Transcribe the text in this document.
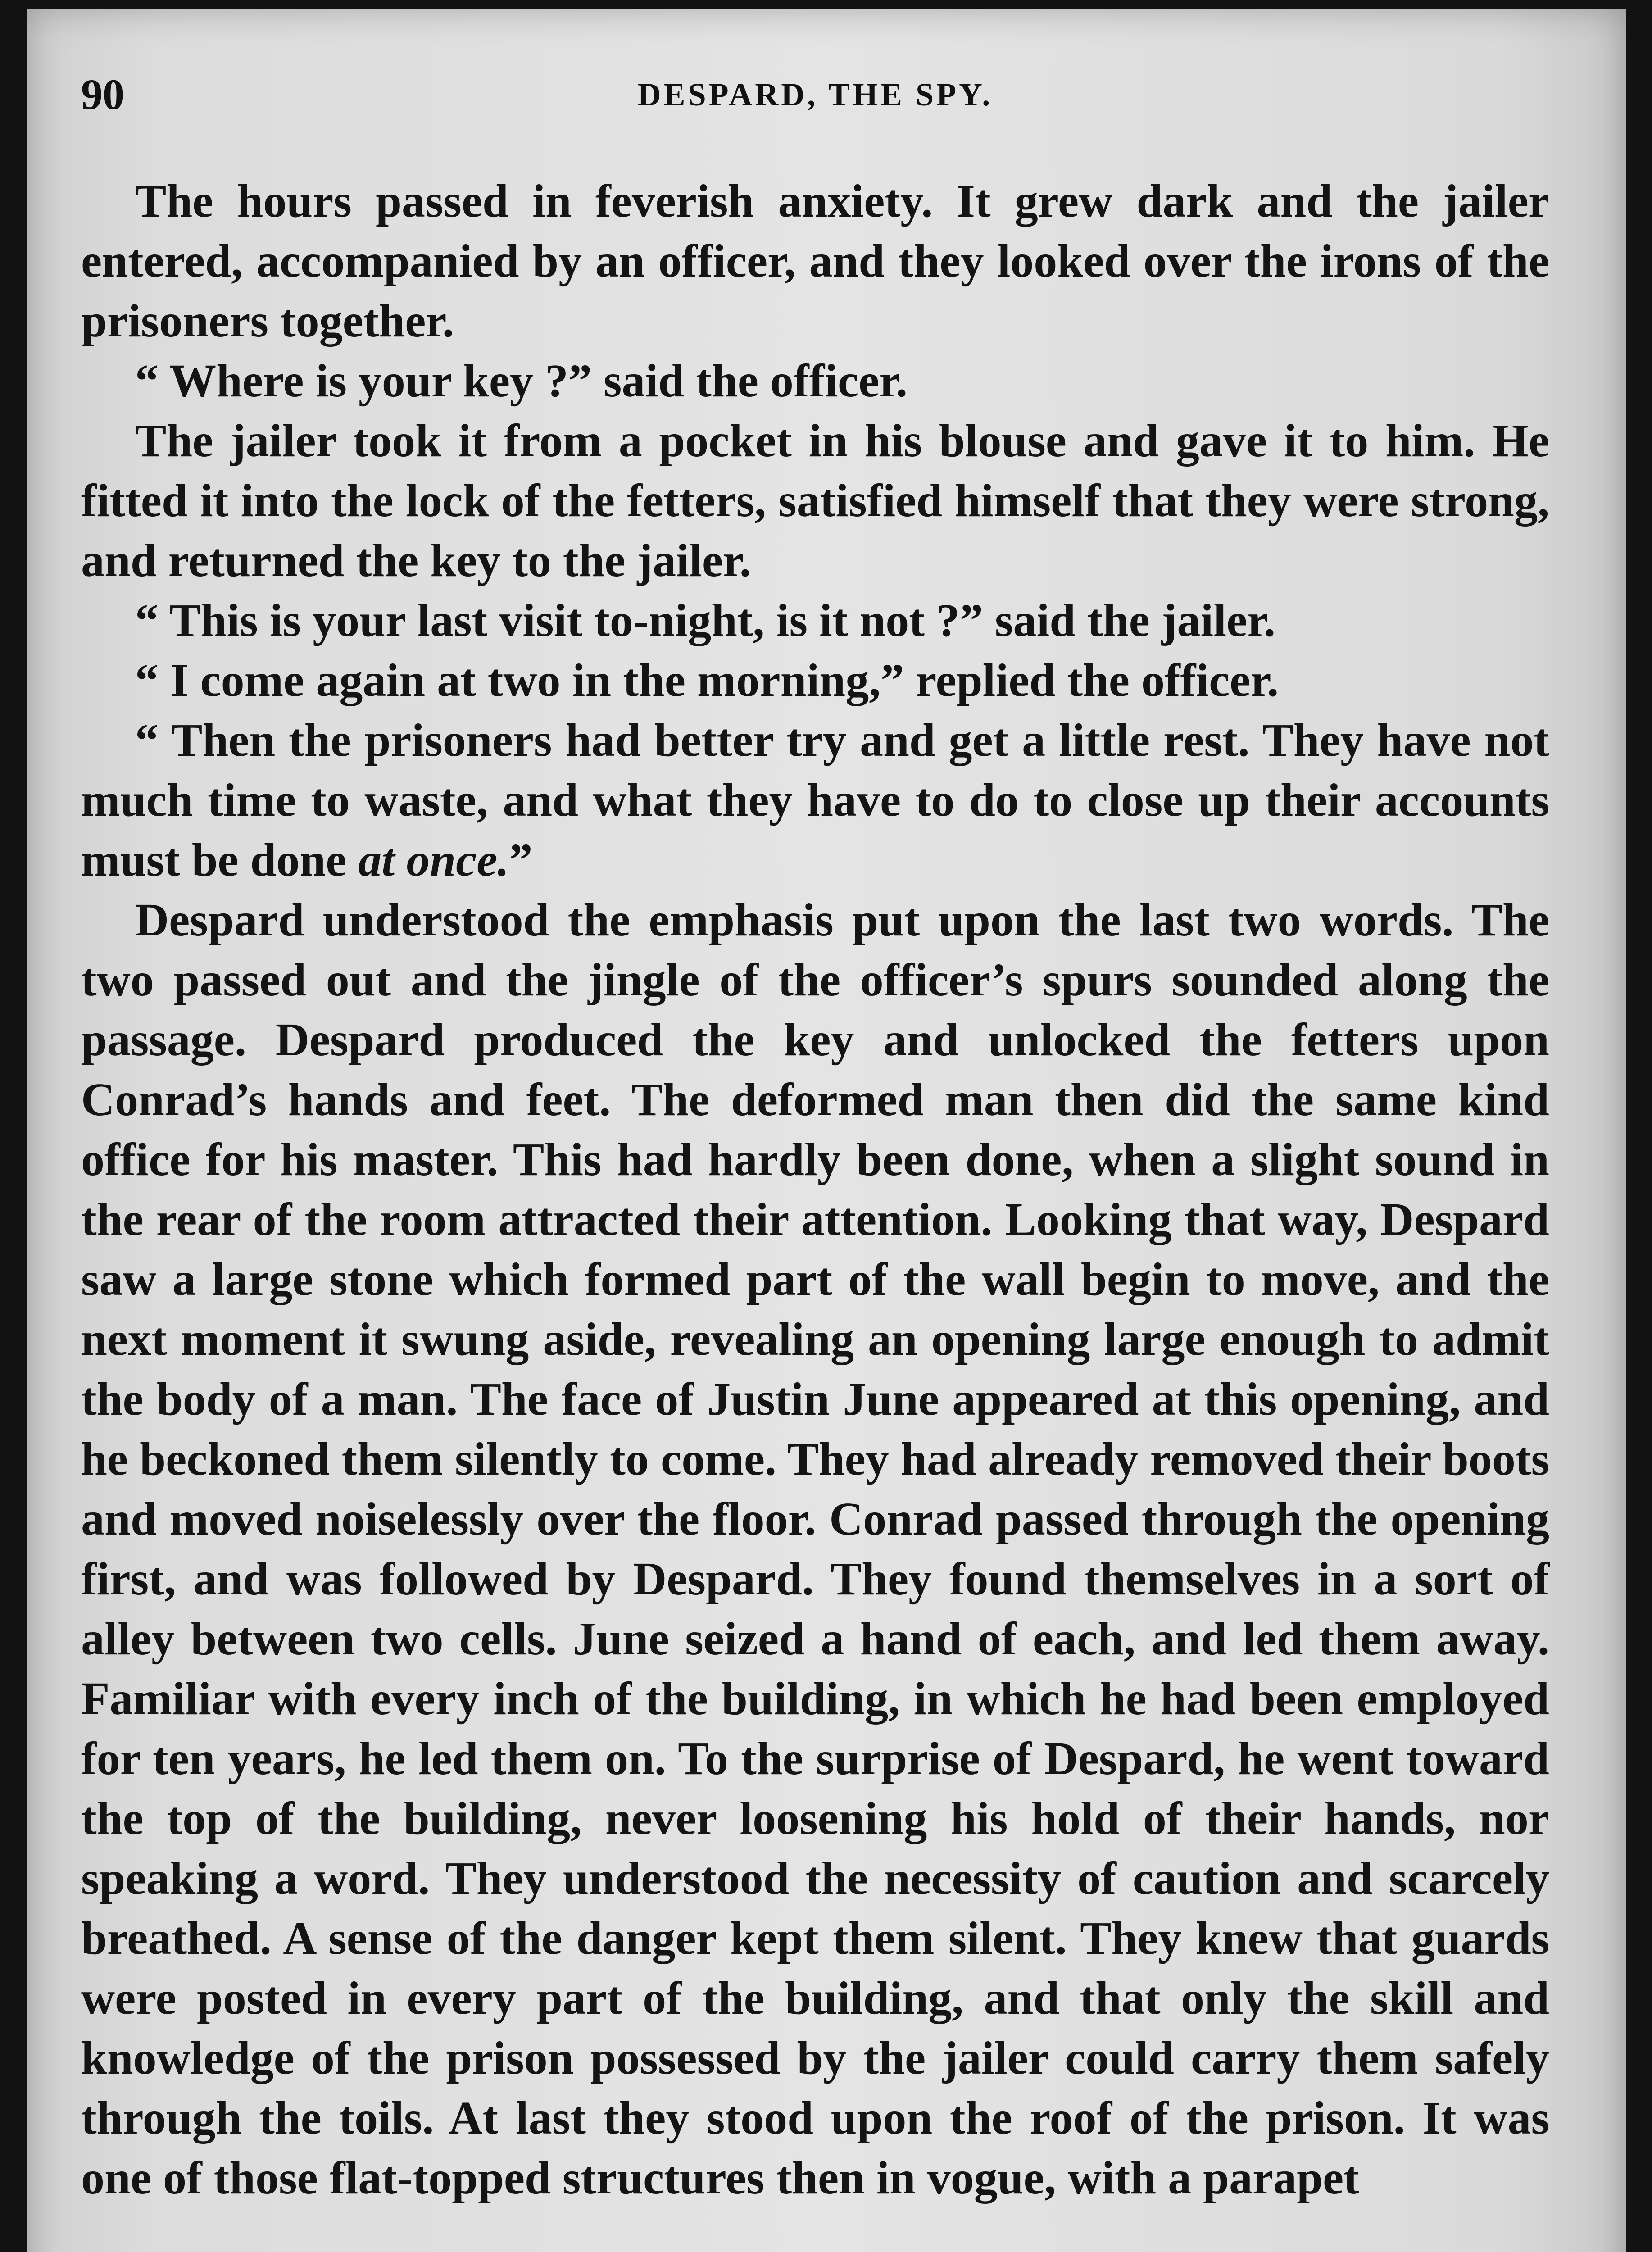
90	DESPARD, THE SPY.

The hours passed in feverish anxiety. It grew dark and the jailer entered, accompanied by an officer, and they looked over the irons of the prisoners together.

“ Where is your key ?” said the officer.

The jailer took it from a pocket in his blouse and gave it to him. He fitted it into the lock of the fetters, satisfied himself that they were strong, and returned the key to the jailer.

“ This is your last visit to-night, is it not ?” said the jailer.

“ I come again at two in the morning,” replied the officer.

“ Then the prisoners had better try and get a little rest. They have not much time to waste, and what they have to do to close up their accounts must be done at once.”

Despard understood the emphasis put upon the last two words. The two passed out and the jingle of the officer’s spurs sounded along the passage. Despard produced the key and unlocked the fetters upon Conrad’s hands and feet. The deformed man then did the same kind office for his master. This had hardly been done, when a slight sound in the rear of the room attracted their attention. Looking that way, Despard saw a large stone which formed part of the wall begin to move, and the next moment it swung aside, revealing an opening large enough to admit the body of a man. The face of Justin June appeared at this opening, and he beckoned them silently to come. They had already removed their boots and moved noiselessly over the floor. Conrad passed through the opening first, and was followed by Despard. They found themselves in a sort of alley between two cells. June seized a hand of each, and led them away. Familiar with every inch of the building, in which he had been employed for ten years, he led them on. To the surprise of Despard, he went toward the top of the building, never loosening his hold of their hands, nor speaking a word. They understood the necessity of caution and scarcely breathed. A sense of the danger kept them silent. They knew that guards were posted in every part of the building, and that only the skill and knowledge of the prison possessed by the jailer could carry them safely through the toils. At last they stood upon the roof of the prison. It was one of those flat-topped structures then in vogue, with a parapet
